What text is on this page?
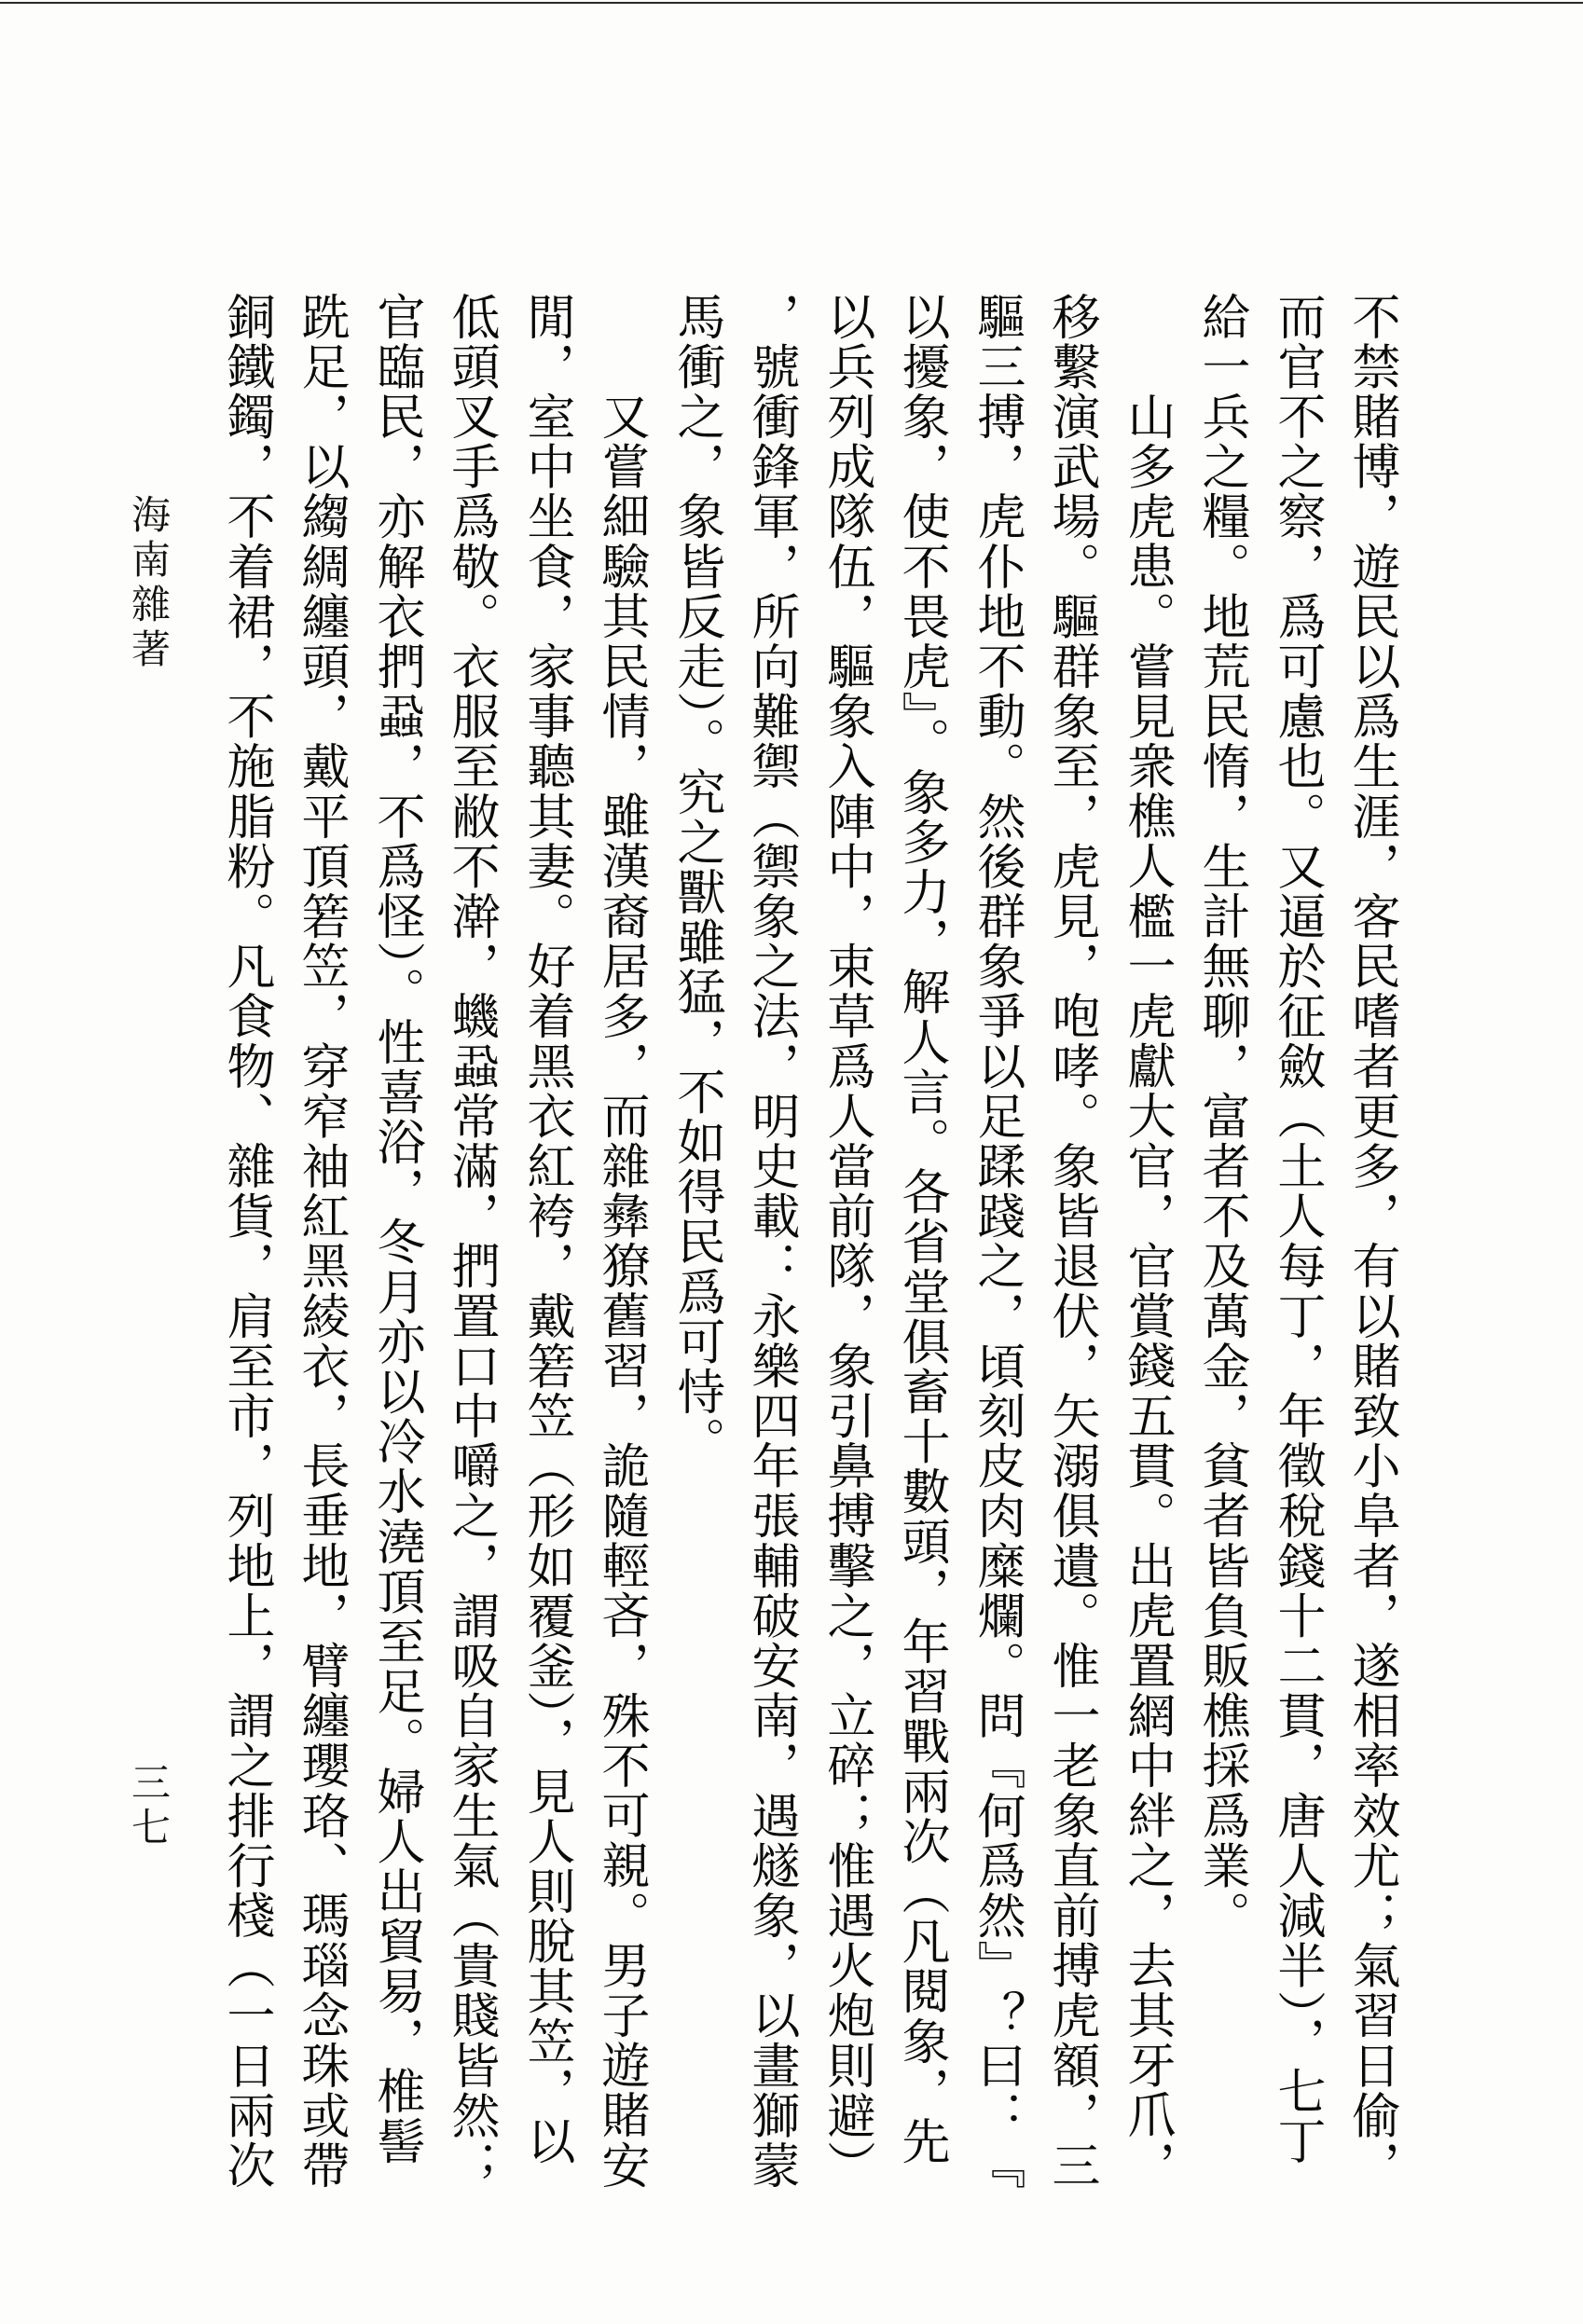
不禁賭博，遊民以爲生涯，客民嗜者更多，有以賭致小阜者，遂相率效尤；氣習日偷，
而官不之察，爲可慮也。又逼於征斂（土人每丁，年徵稅錢十二貫，唐人減半），七丁
給一兵之糧。地荒民惰，生計無聊，富者不及萬金，貧者皆負販樵採爲業。
山多虎患。嘗見衆樵人檻一虎獻大官，官賞錢五貫。出虎置網中絆之，去其牙爪，
移繫演武場。驅群象至，虎見，咆哮。象皆退伏，矢溺俱遺。惟一老象直前搏虎額，三
驅三搏，虎仆地不動。然後群象爭以足蹂踐之，頃刻皮肉糜爛。問『何爲然』？曰：『
以擾象，使不畏虎』。象多力，解人言。各省堂俱畜十數頭，年習戰兩次（凡閱象，先
以兵列成隊伍，驅象入陣中，束草爲人當前隊，象引鼻搏擊之，立碎；惟遇火炮則避）
，號衝鋒軍，所向難禦（禦象之法，明史載：永樂四年張輔破安南，遇燧象，以畫獅蒙
馬衝之，象皆反走）。究之獸雖猛，不如得民爲可恃。
又嘗細驗其民情，雖漢裔居多，而雜彝獠舊習，詭隨輕吝，殊不可親。男子遊賭安
閒，室中坐食，家事聽其妻。好着黑衣紅袴，戴箬笠（形如覆釜），見人則脫其笠，以
低頭叉手爲敬。衣服至敝不澣，蟣蝨常滿，捫置口中嚼之，謂吸自家生氣（貴賤皆然；
官臨民，亦解衣捫蝨，不爲怪）。性喜浴，冬月亦以冷水澆頂至足。婦人出貿易，椎髻
跣足，以縐綢纏頭，戴平頂箬笠，穿窄袖紅黑綾衣，長垂地，臂纏瓔珞、瑪瑙念珠或帶
銅鐵鐲，不着裙，不施脂粉。凡食物、雜貨，肩至市，列地上，謂之排行棧（一日兩次
海南雜著
三七
